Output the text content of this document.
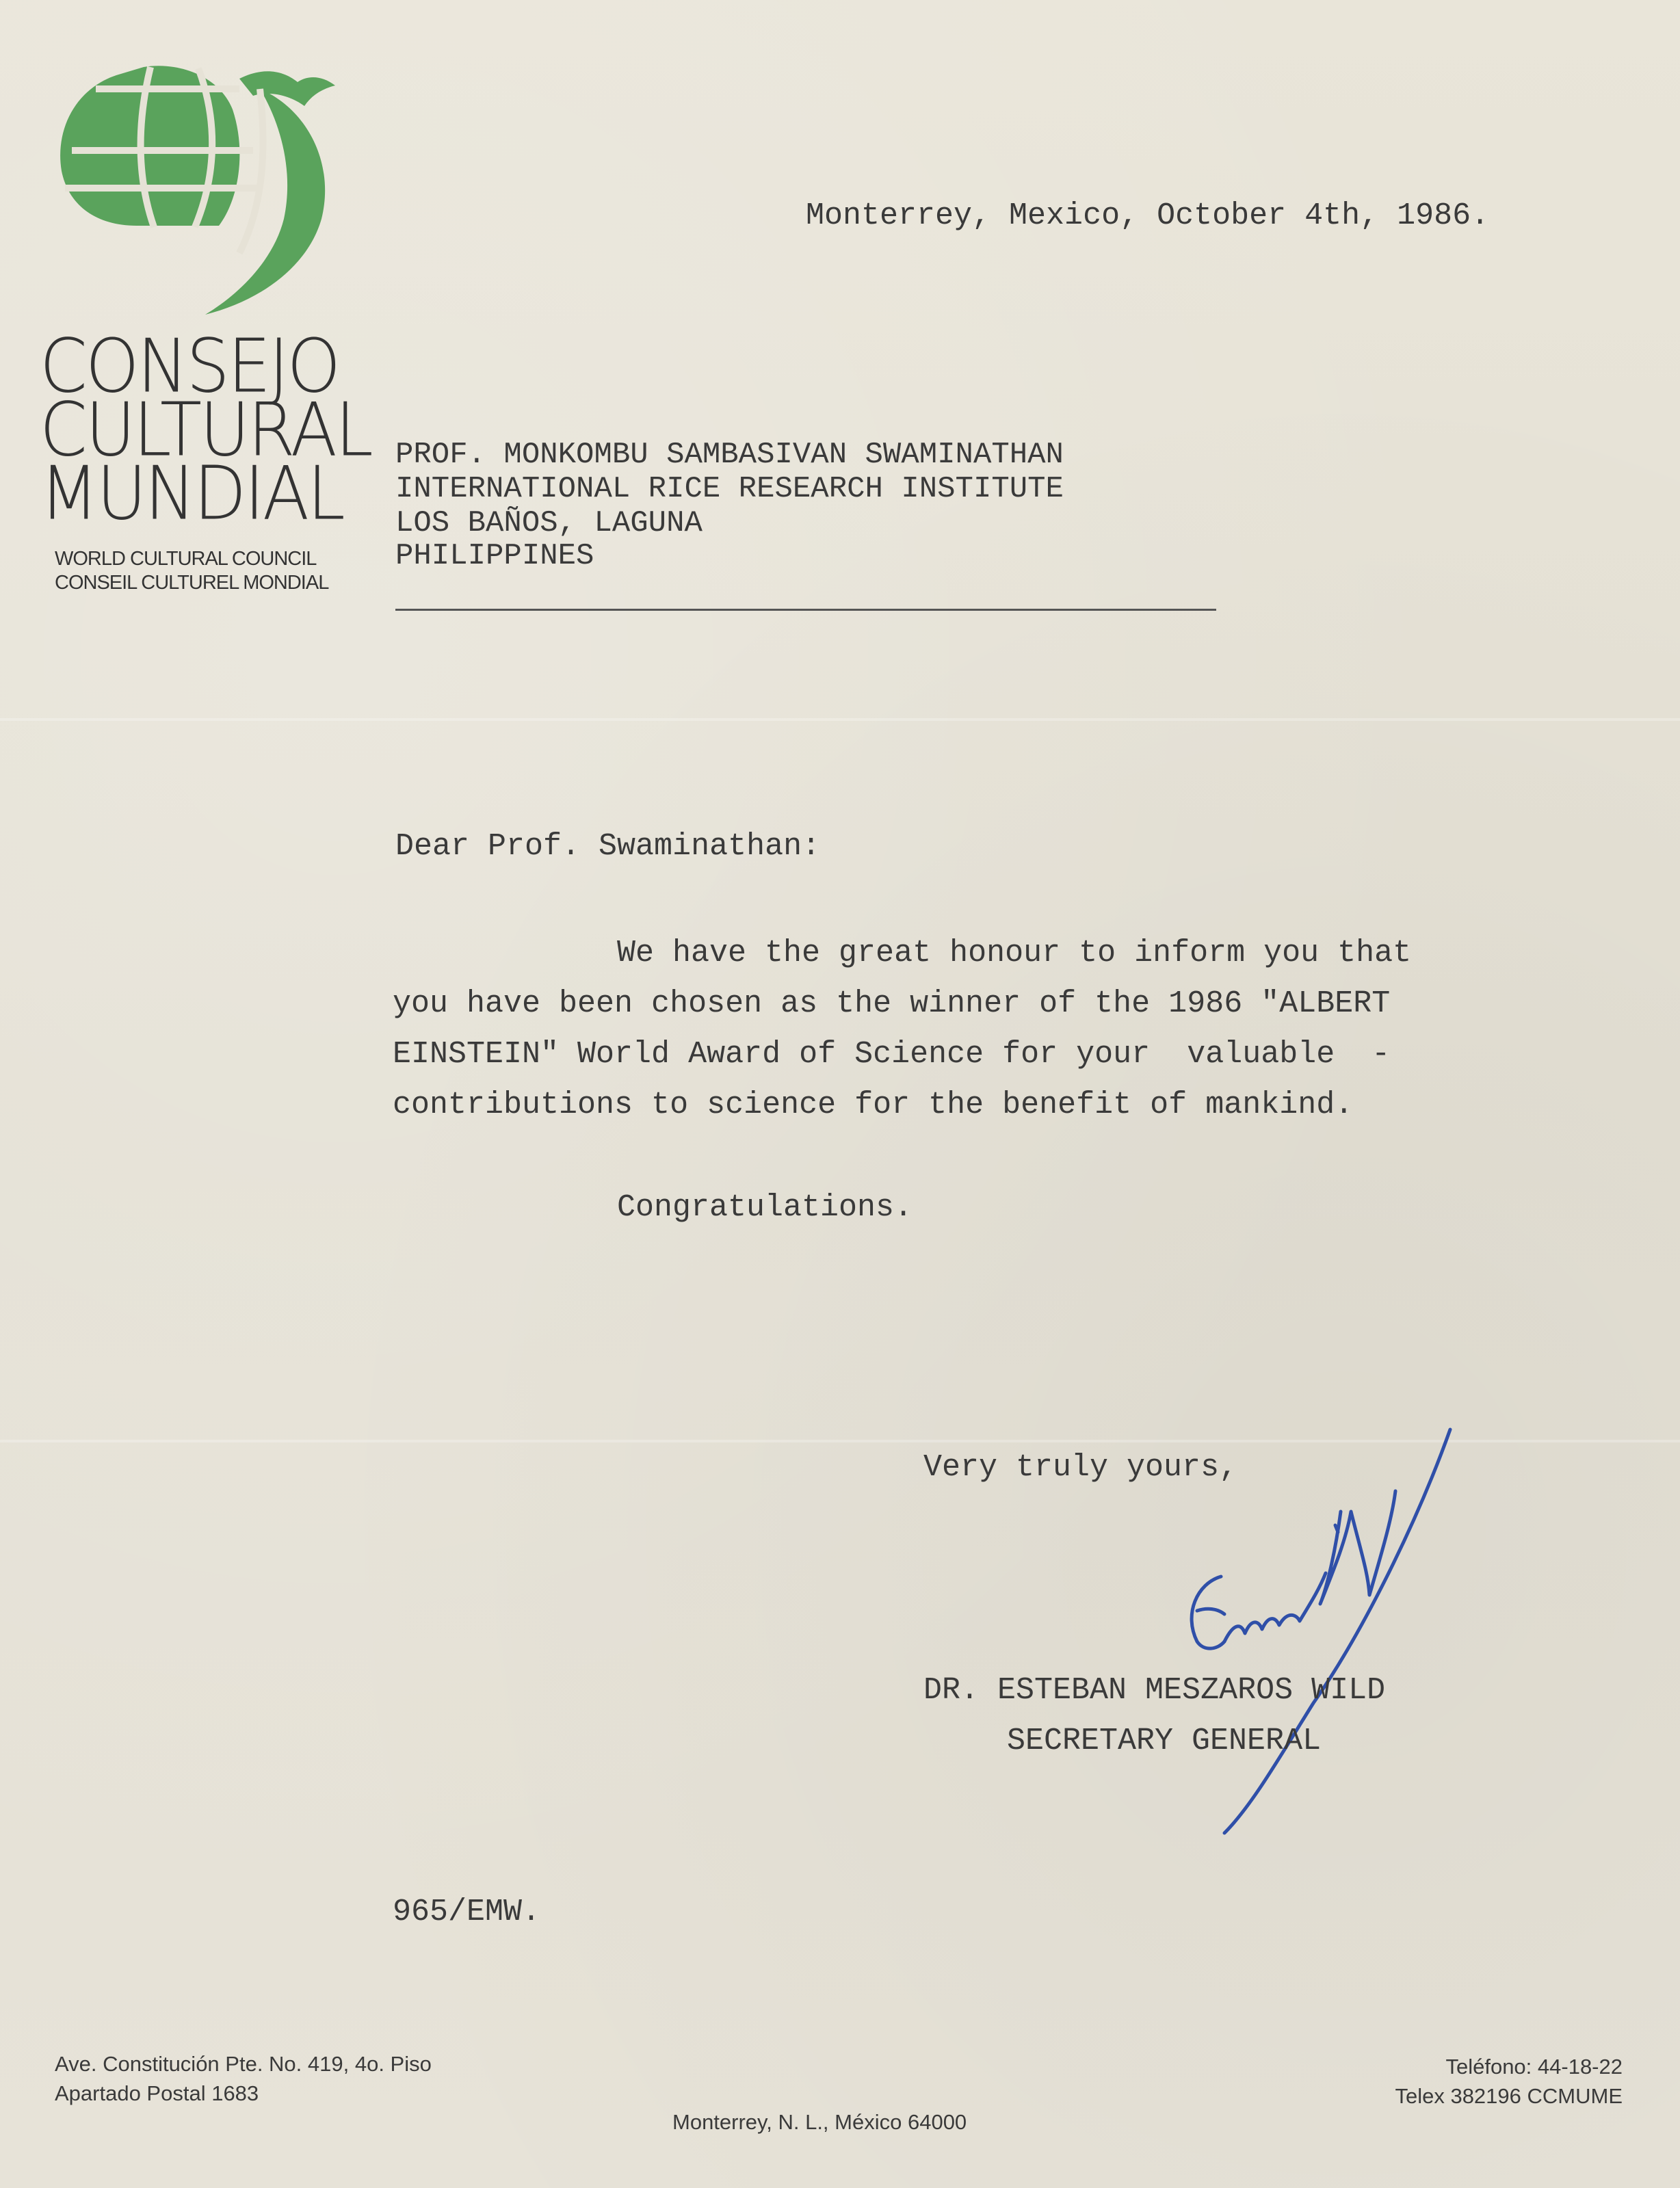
CONSEJO
CULTURAL
MUNDIAL
WORLD CULTURAL COUNCIL
CONSEIL CULTUREL MONDIAL
Monterrey, Mexico, October 4th, 1986.
PROF. MONKOMBU SAMBASIVAN SWAMINATHAN
INTERNATIONAL RICE RESEARCH INSTITUTE
LOS BAÑOS, LAGUNA
PHILIPPINES
Dear Prof. Swaminathan:
We have the great honour to inform you that
you have been chosen as the winner of the 1986 "ALBERT
EINSTEIN" World Award of Science for your  valuable  -
contributions to science for the benefit of mankind.
Congratulations.
Very truly yours,
DR. ESTEBAN MESZAROS WILD
SECRETARY GENERAL
965/EMW.
Ave. Constitución Pte. No. 419, 4o. Piso
Apartado Postal 1683
Monterrey, N. L., México 64000
Teléfono: 44-18-22
Telex 382196 CCMUME
